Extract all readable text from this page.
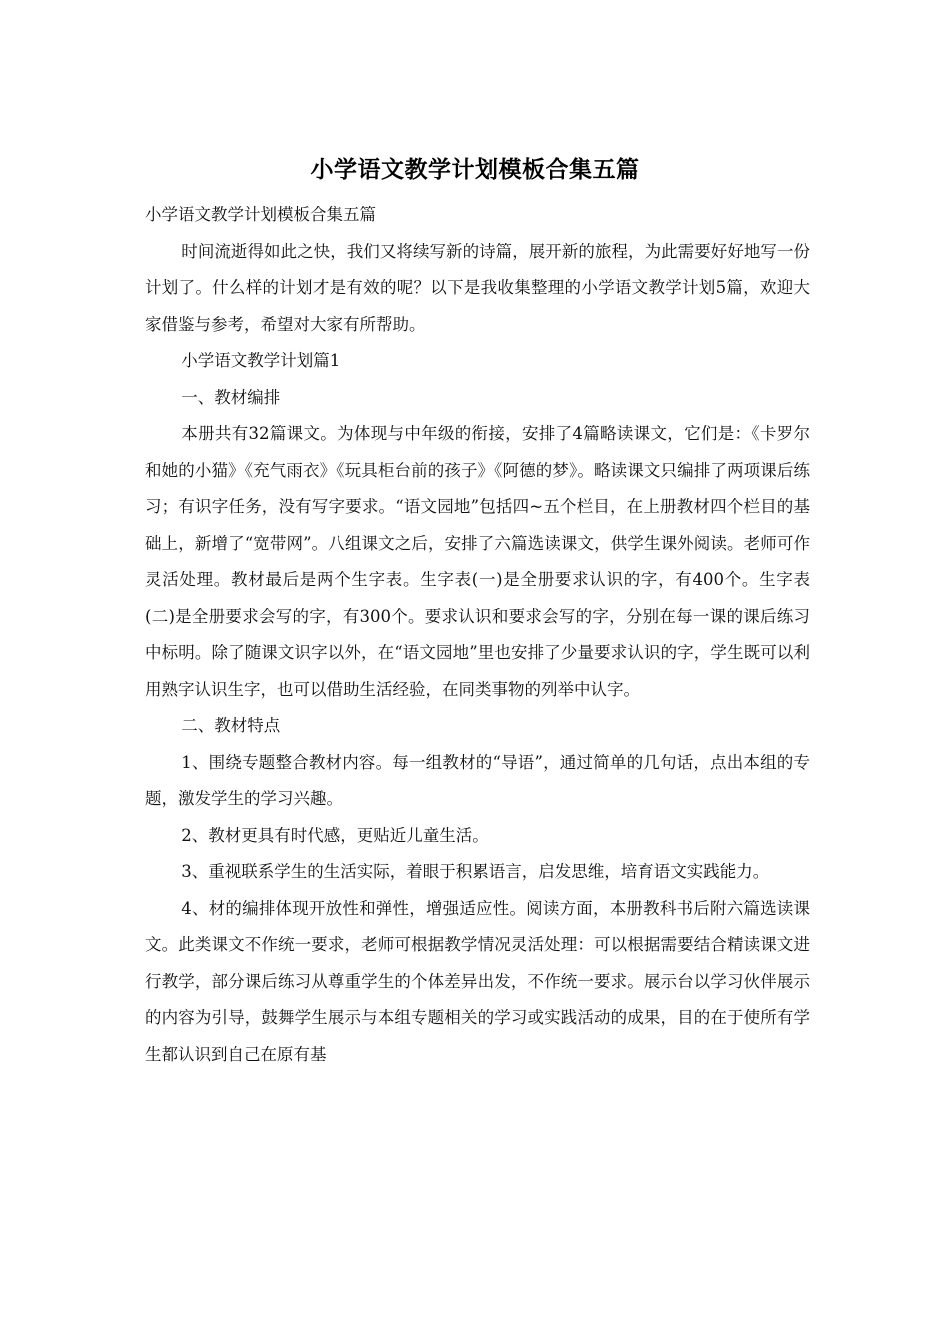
小学语文教学计划模板合集五篇

小学语文教学计划模板合集五篇

时间流逝得如此之快，我们又将续写新的诗篇，展开新的旅程，为此需要好好地写一份计划了。什么样的计划才是有效的呢？以下是我收集整理的小学语文教学计划5篇，欢迎大家借鉴与参考，希望对大家有所帮助。

小学语文教学计划篇1

一、教材编排

本册共有32篇课文。为体现与中年级的衔接，安排了4篇略读课文，它们是：《卡罗尔和她的小猫》《充气雨衣》《玩具柜台前的孩子》《阿德的梦》。略读课文只编排了两项课后练习；有识字任务，没有写字要求。“语文园地”包括四~五个栏目，在上册教材四个栏目的基础上，新增了“宽带网”。八组课文之后，安排了六篇选读课文，供学生课外阅读。老师可作灵活处理。教材最后是两个生字表。生字表(一)是全册要求认识的字，有400个。生字表(二)是全册要求会写的字，有300个。要求认识和要求会写的字，分别在每一课的课后练习中标明。除了随课文识字以外，在“语文园地”里也安排了少量要求认识的字，学生既可以利用熟字认识生字，也可以借助生活经验，在同类事物的列举中认字。

二、教材特点

1、围绕专题整合教材内容。每一组教材的“导语”，通过简单的几句话，点出本组的专题，激发学生的学习兴趣。

2、教材更具有时代感，更贴近儿童生活。

3、重视联系学生的生活实际，着眼于积累语言，启发思维，培育语文实践能力。

4、材的编排体现开放性和弹性，增强适应性。阅读方面，本册教科书后附六篇选读课文。此类课文不作统一要求，老师可根据教学情况灵活处理：可以根据需要结合精读课文进行教学，部分课后练习从尊重学生的个体差异出发，不作统一要求。展示台以学习伙伴展示的内容为引导，鼓舞学生展示与本组专题相关的学习或实践活动的成果，目的在于使所有学生都认识到自己在原有基
